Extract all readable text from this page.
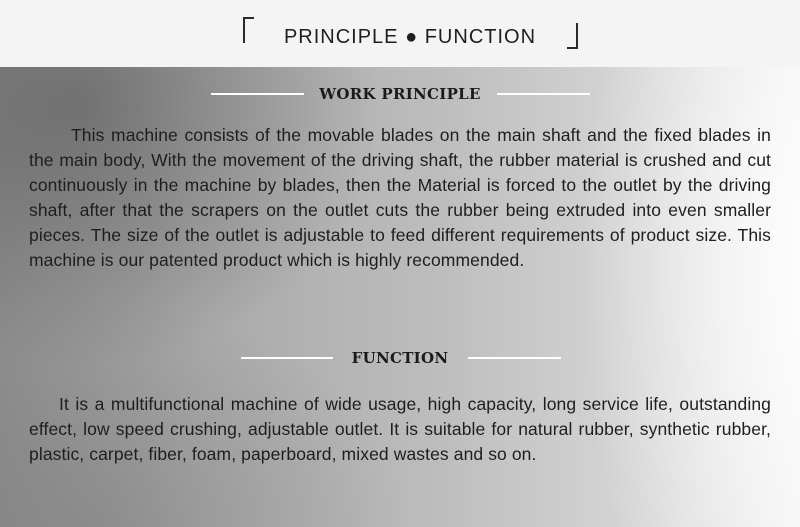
PRINCIPLE ● FUNCTION
WORK PRINCIPLE

This machine consists of the movable blades on the main shaft and the fixed blades in the main body, With the movement of the driving shaft, the rubber material is crushed and cut continuously in the machine by blades, then the Material is forced to the outlet by the driving shaft, after that the scrapers on the outlet cuts the rubber being extruded into even smaller pieces. The size of the outlet is adjustable to feed different requirements of product size. This machine is our patented product which is highly recommended.

FUNCTION

It is a multifunctional machine of wide usage, high capacity, long service life, outstanding effect, low speed crushing, adjustable outlet. It is suitable for natural rubber, synthetic rubber, plastic, carpet, fiber, foam, paperboard, mixed wastes and so on.
